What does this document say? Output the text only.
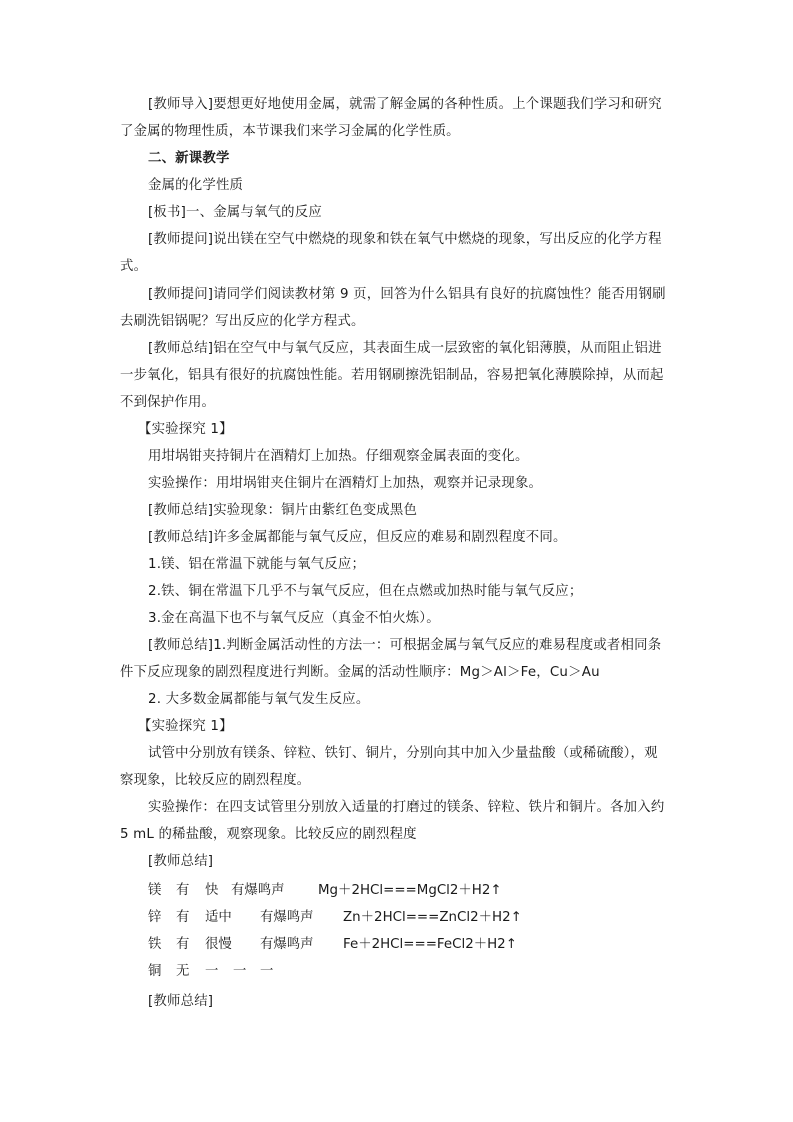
[教师导入]要想更好地使用金属，就需了解金属的各种性质。上个课题我们学习和研究
了金属的物理性质，本节课我们来学习金属的化学性质。
二、新课教学
金属的化学性质
[板书]一、金属与氧气的反应
[教师提问]说出镁在空气中燃烧的现象和铁在氧气中燃烧的现象，写出反应的化学方程
式。
[教师提问]请同学们阅读教材第 9 页，回答为什么铝具有良好的抗腐蚀性？能否用钢刷
去刷洗铝锅呢？写出反应的化学方程式。
[教师总结]铝在空气中与氧气反应，其表面生成一层致密的氧化铝薄膜，从而阻止铝进
一步氧化，铝具有很好的抗腐蚀性能。若用钢刷擦洗铝制品，容易把氧化薄膜除掉，从而起
不到保护作用。
【实验探究 1】
用坩埚钳夹持铜片在酒精灯上加热。仔细观察金属表面的变化。
实验操作：用坩埚钳夹住铜片在酒精灯上加热，观察并记录现象。
[教师总结]实验现象：铜片由紫红色变成黑色
[教师总结]许多金属都能与氧气反应，但反应的难易和剧烈程度不同。
1.镁、铝在常温下就能与氧气反应；
2.铁、铜在常温下几乎不与氧气反应，但在点燃或加热时能与氧气反应；
3.金在高温下也不与氧气反应（真金不怕火炼）。
[教师总结]1.判断金属活动性的方法一：可根据金属与氧气反应的难易程度或者相同条
件下反应现象的剧烈程度进行判断。金属的活动性顺序：Mg＞Al＞Fe，Cu＞Au
2. 大多数金属都能与氧气发生反应。
【实验探究 1】
试管中分别放有镁条、锌粒、铁钉、铜片，分别向其中加入少量盐酸（或稀硫酸），观
察现象，比较反应的剧烈程度。
实验操作：在四支试管里分别放入适量的打磨过的镁条、锌粒、铁片和铜片。各加入约
5 mL 的稀盐酸，观察现象。比较反应的剧烈程度
[教师总结]
镁 有 快 有爆鸣声 Mg＋2HCl===MgCl2＋H2↑
锌 有 适中 有爆鸣声 Zn＋2HCl===ZnCl2＋H2↑
铁 有 很慢 有爆鸣声 Fe＋2HCl===FeCl2＋H2↑
铜 无 一 一 一
[教师总结]
